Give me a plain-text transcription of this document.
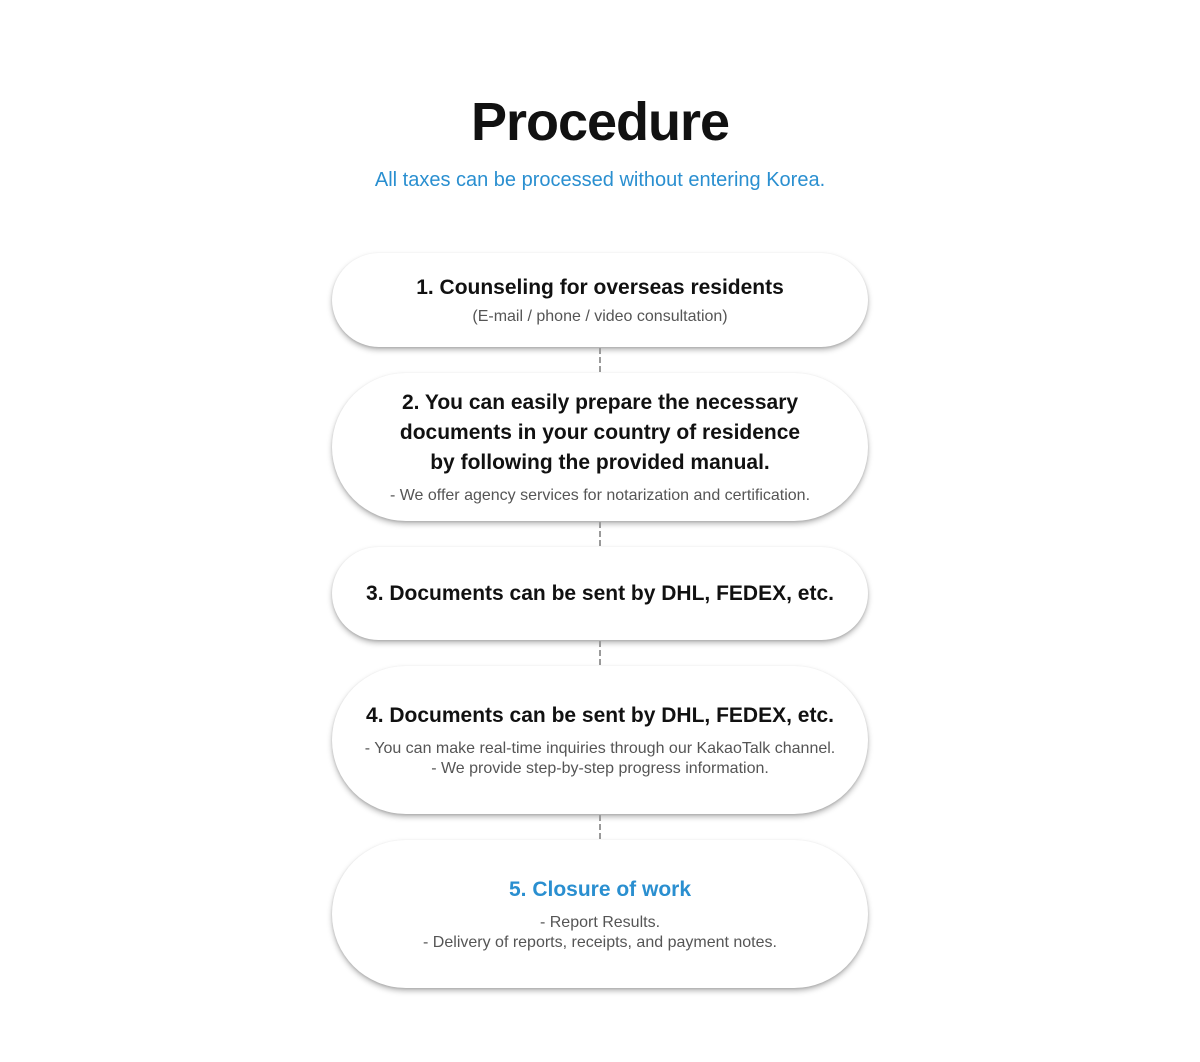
Procedure
All taxes can be processed without entering Korea.
1. Counseling for overseas residents
(E-mail / phone / video consultation)
2. You can easily prepare the necessary
documents in your country of residence
by following the provided manual.
- We offer agency services for notarization and certification.
3. Documents can be sent by DHL, FEDEX, etc.
4. Documents can be sent by DHL, FEDEX, etc.
- You can make real-time inquiries through our KakaoTalk channel.
- We provide step-by-step progress information.
5. Closure of work
- Report Results.
- Delivery of reports, receipts, and payment notes.
